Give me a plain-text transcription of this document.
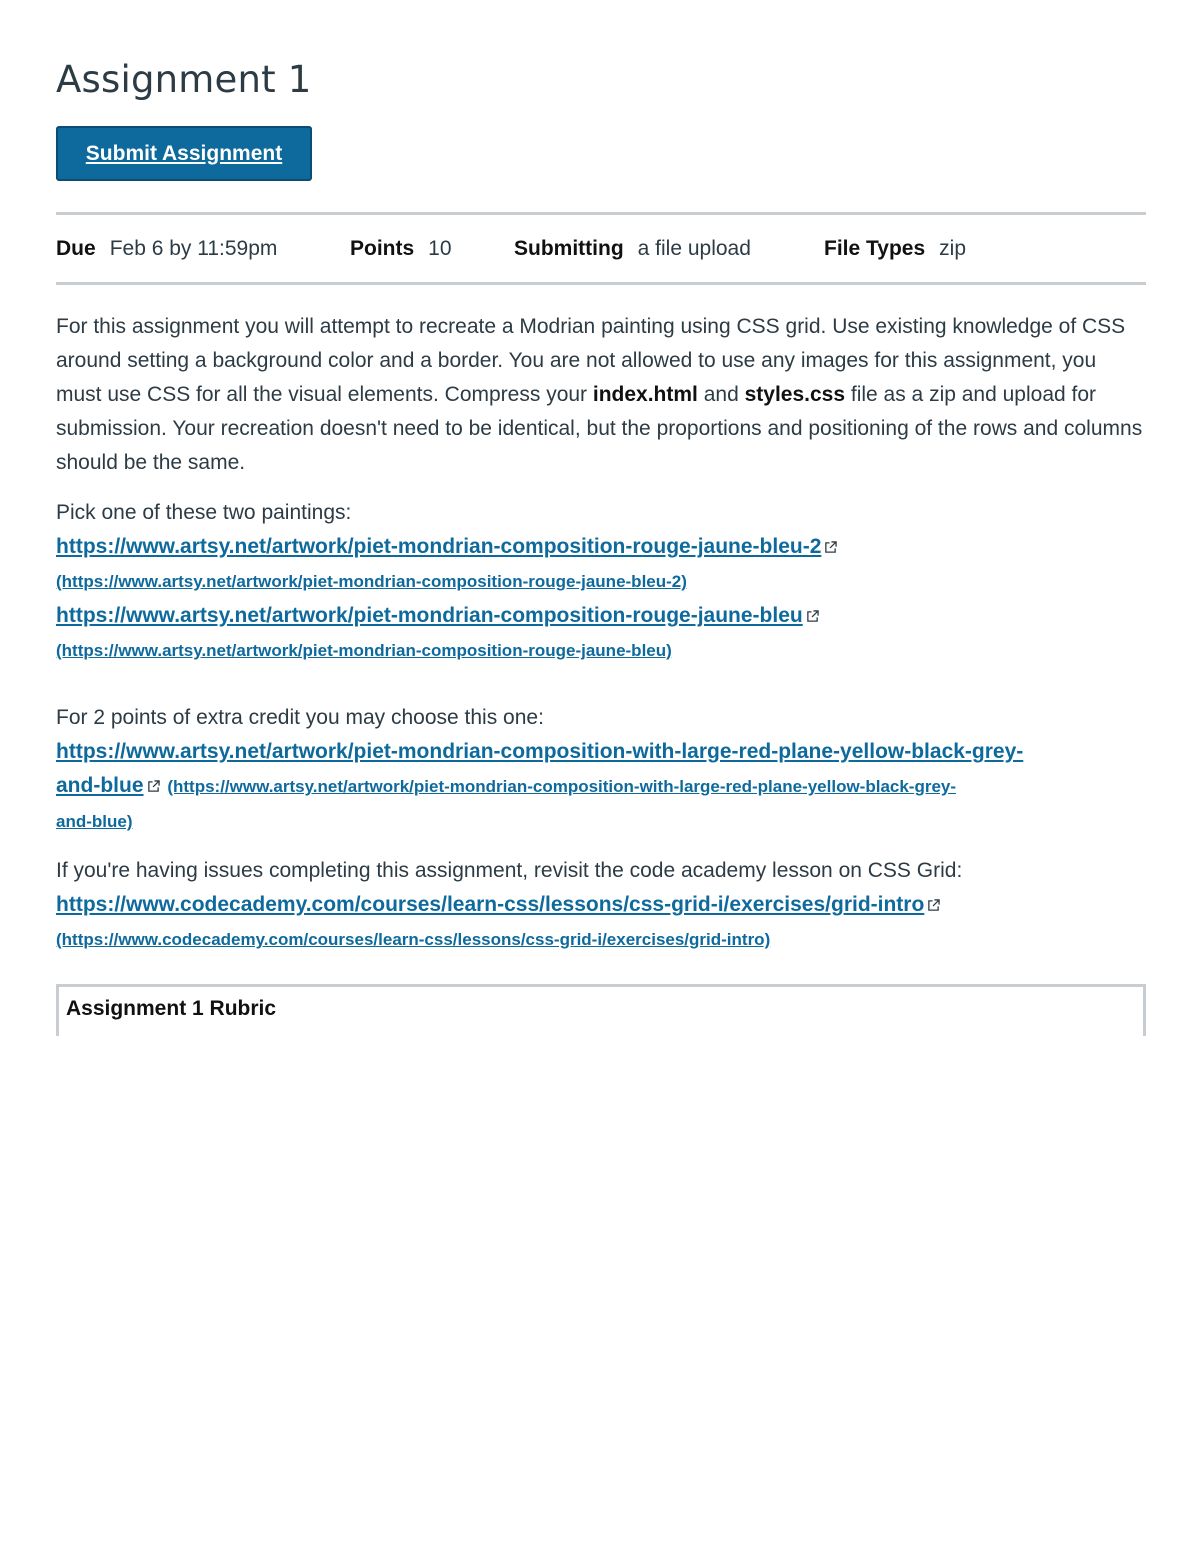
Assignment 1
Submit Assignment
Due Feb 6 by 11:59pm	Points 10	Submitting a file upload	File Types zip

For this assignment you will attempt to recreate a Modrian painting using CSS grid. Use existing knowledge of CSS around setting a background color and a border. You are not allowed to use any images for this assignment, you must use CSS for all the visual elements. Compress your index.html and styles.css file as a zip and upload for submission. Your recreation doesn't need to be identical, but the proportions and positioning of the rows and columns should be the same.

Pick one of these two paintings:
https://www.artsy.net/artwork/piet-mondrian-composition-rouge-jaune-bleu-2
(https://www.artsy.net/artwork/piet-mondrian-composition-rouge-jaune-bleu-2)
https://www.artsy.net/artwork/piet-mondrian-composition-rouge-jaune-bleu
(https://www.artsy.net/artwork/piet-mondrian-composition-rouge-jaune-bleu)
For 2 points of extra credit you may choose this one:
https://www.artsy.net/artwork/piet-mondrian-composition-with-large-red-plane-yellow-black-grey-
and-blue (https://www.artsy.net/artwork/piet-mondrian-composition-with-large-red-plane-yellow-black-grey-
and-blue)
If you're having issues completing this assignment, revisit the code academy lesson on CSS Grid:
https://www.codecademy.com/courses/learn-css/lessons/css-grid-i/exercises/grid-intro
(https://www.codecademy.com/courses/learn-css/lessons/css-grid-i/exercises/grid-intro)
Assignment 1 Rubric
